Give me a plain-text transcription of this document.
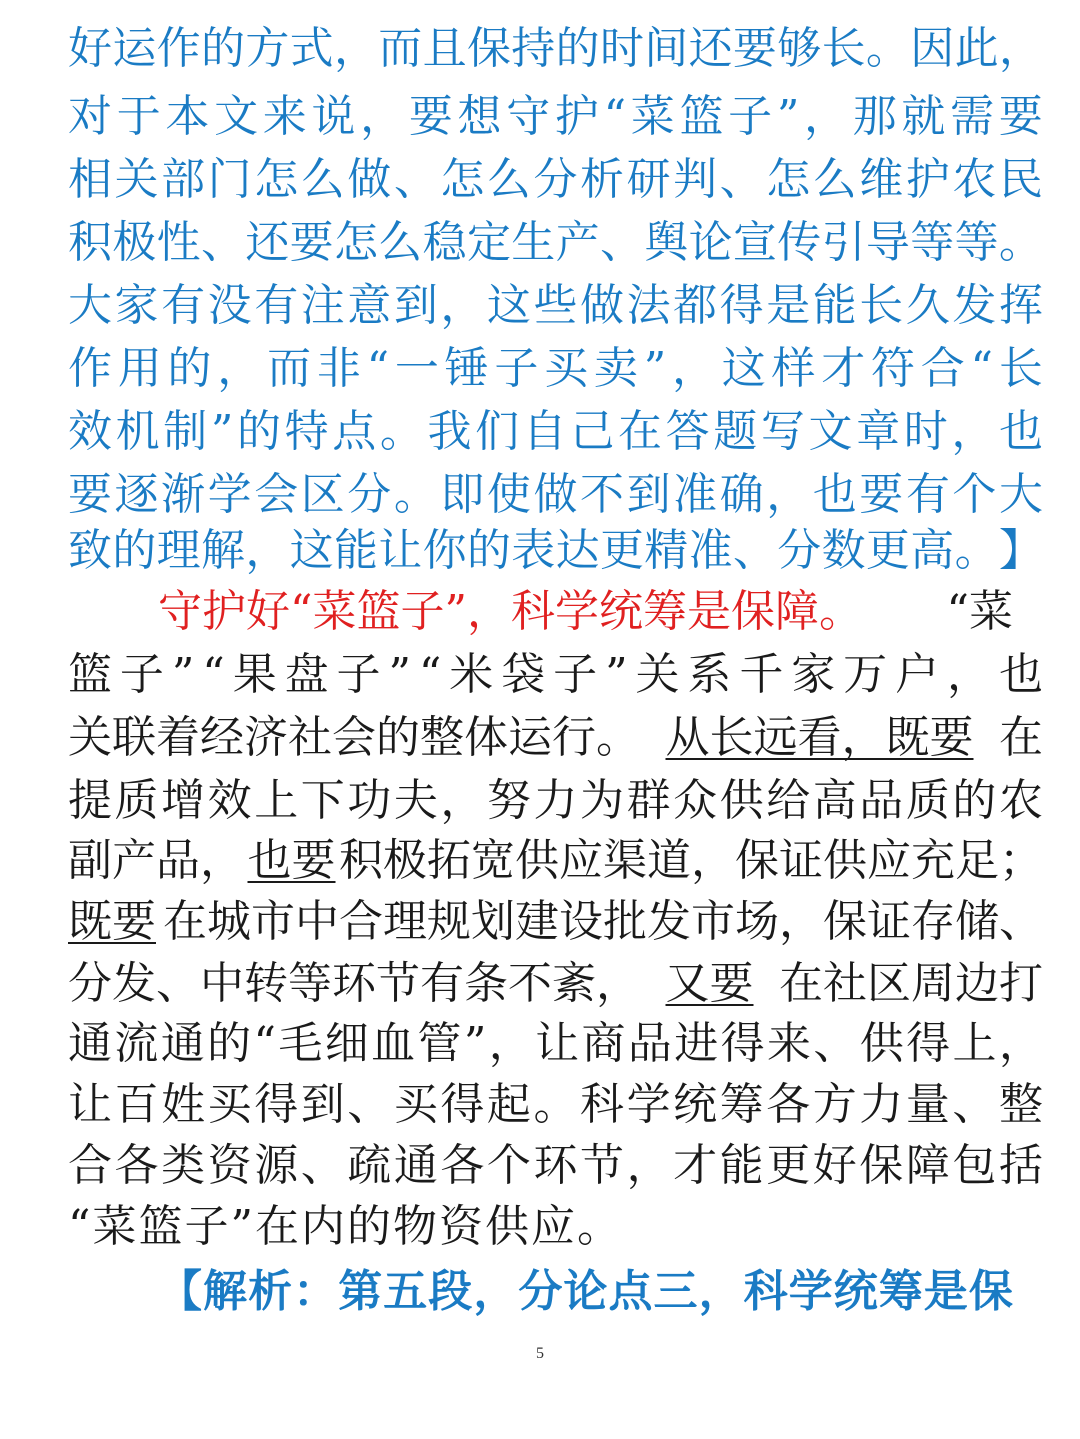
好 运 作 的 方 式 ， 而 且 保 持 的 时 间 还 要 够 长 。 因 此 ，
对 于 本 文 来 说 ， 要 想 守 护 “ 菜 篮 子 ” ， 那 就 需 要
相 关 部 门 怎 么 做 、 怎 么 分 析 研 判 、 怎 么 维 护 农 民
积 极 性 、 还 要 怎 么 稳 定 生 产 、 舆 论 宣 传 引 导 等 等 。
大 家 有 没 有 注 意 到 ， 这 些 做 法 都 得 是 能 长 久 发 挥
作 用 的 ， 而 非 “ 一 锤 子 买 卖 ” ， 这 样 才 符 合 “ 长
效 机 制 ” 的 特 点 。 我 们 自 己 在 答 题 写 文 章 时 ， 也
要 逐 渐 学 会 区 分 。 即 使 做 不 到 准 确 ， 也 要 有 个 大
致 的 理 解 ， 这 能 让 你 的 表 达 更 精 准 、 分 数 更 高 。 】
守护好“菜篮子”，科学统筹是保障。 “菜
篮 子 ” “ 果 盘 子 ” “ 米 袋 子 ” 关 系 千 家 万 户 ， 也
关联着经济社会的整体运行。 从长远看，既要 在
提 质 增 效 上 下 功 夫 ， 努 力 为 群 众 供 给 高 品 质 的 农
副产品， 也要 积极拓宽供应渠道，保证供应充足；
既要 在城市中合理规划建设批发市场，保证存储、
分发、中转等环节有条不紊， 又要 在社区周边打
通 流 通 的 “ 毛 细 血 管 ” ， 让 商 品 进 得 来 、 供 得 上 ，
让 百 姓 买 得 到 、 买 得 起 。 科 学 统 筹 各 方 力 量 、 整
合 各 类 资 源 、 疏 通 各 个 环 节 ， 才 能 更 好 保 障 包 括
“菜篮子”在内的物资供应。
【 解 析 ： 第 五 段 ， 分 论 点 三 ， 科 学 统 筹 是 保
5
